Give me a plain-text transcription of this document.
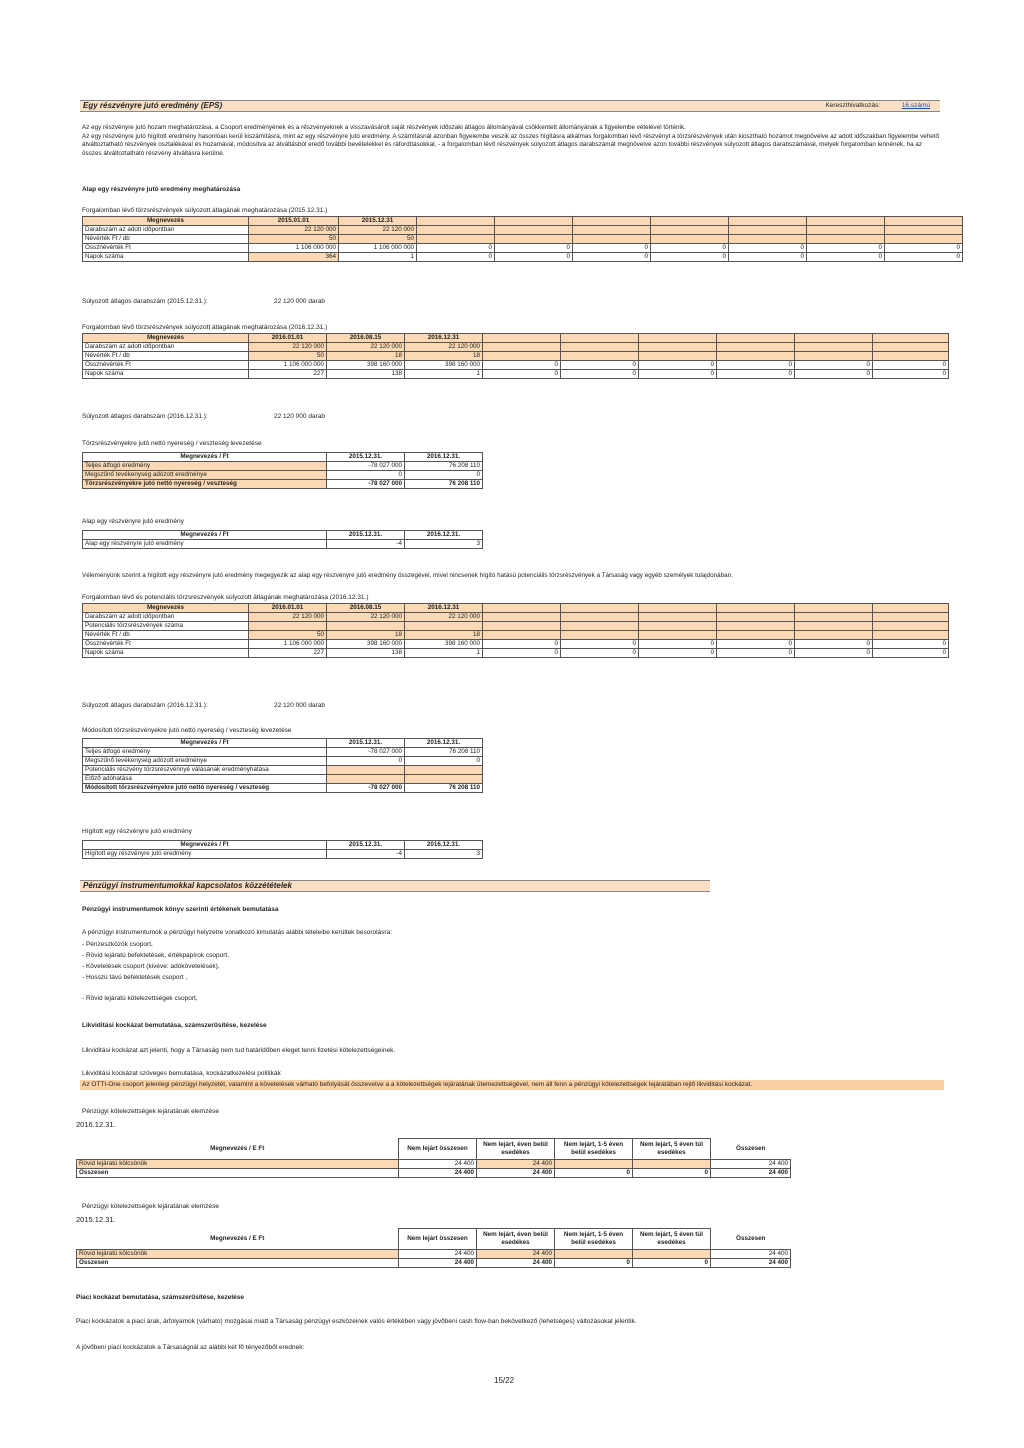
Egy részvényre jutó eredmény (EPS)	Kereszthivatkozás:	16.számú
Az egy részvényre jutó hozam meghatározása, a Csoport eredményének és a részvényeknek a visszavásárolt saját részvények időszaki átlagos állományával csökkentett állományának a figyelembe vételével történik.
Az egy részvényre jutó hígított eredmény hasonlóan kerül kiszámításra, mint az egy részvényre jutó eredmény. A számításnál azonban figyelembe veszik az összes hígításra alkalmas forgalomban lévő részvényt a törzsrészvények után kiosztható hozamot megnövelve az adott időszakban figyelembe vehető átváltoztatható részvények osztalékával és hozamával, módosítva az átváltásból eredő további bevételekkel és ráfordításokkal, - a forgalomban lévő részvények súlyozott átlagos darabszámát megnövelve azon további részvények súlyozott átlagos darabszámával, melyek forgalomban lennének, ha az összes átváltoztatható részvény átváltásra kerülne.
Alap egy részvényre jutó eredmény meghatározása
Forgalomban lévő törzsrészvények súlyozott átlagának meghatározása (2015.12.31.)
Megnevezés	2015.01.01	2015.12.31							
Darabszám az adott időpontban	22 120 000	22 120 000							
Névérték Ft / db	50	50							
Össznévérték Ft	1 106 000 000	1 106 000 000	0	0	0	0	0	0	0
Napok száma	364	1	0	0	0	0	0	0	0
Súlyozott átlagos darabszám (2015.12.31.):	22 120 000 darab
Forgalomban lévő törzsrészvények súlyozott átlagának meghatározása (2016.12.31.)
Megnevezés	2016.01.01	2016.08.15	2016.12.31						
Darabszám az adott időpontban	22 120 000	22 120 000	22 120 000						
Névérték Ft / db	50	18	18						
Össznévérték Ft	1 106 000 000	398 160 000	398 160 000	0	0	0	0	0	0
Napok száma	227	138	1	0	0	0	0	0	0
Súlyozott átlagos darabszám (2016.12.31.):	22 120 000 darab
Törzsrészvényekre jutó nettó nyereség / veszteség levezetése
Megnevezés / Ft	2015.12.31.	2016.12.31.
Teljes átfogó eredmény	-78 027 000	76 208 110
Megszűnő tevékenység adózott eredménye	0	0
Törzsrészvényekre jutó nettó nyereség / veszteség	-78 027 000	76 208 110
Alap egy részvényre jutó eredmény
Megnevezés / Ft	2015.12.31.	2016.12.31.
Alap egy részvényre jutó eredmény	-4	3
Véleményünk szerint a hígított egy részvényre jutó eredmény megegyezik az alap egy részvényre jutó eredmény összegével, mivel nincsenek hígító hatású potenciális törzsrészvények a Társaság vagy egyéb személyek tulajdonában.
Forgalomban lévő és potenciális törzsrészvények súlyozott átlagának meghatározása (2016.12.31.)
Megnevezés	2016.01.01	2016.08.15	2016.12.31						
Darabszám az adott időpontban	22 120 000	22 120 000	22 120 000						
Potenciális törzsrészvények száma									
Névérték Ft / db	50	18	18						
Össznévérték Ft	1 106 000 000	398 160 000	398 160 000	0	0	0	0	0	0
Napok száma	227	138	1	0	0	0	0	0	0
Súlyozott átlagos darabszám (2016.12.31.):	22 120 000 darab
Módosított törzsrészvényekre jutó nettó nyereség / veszteség levezetése
Megnevezés / Ft	2015.12.31.	2016.12.31.
Teljes átfogó eredmény	-78 027 000	76 208 110
Megszűnő tevékenység adózott eredménye	0	0
Potenciális részvény törzsrészvénnyé válásának eredményhatása		
Előző adóhatása		
Módosított törzsrészvényekre jutó nettó nyereség / veszteség	-78 027 000	76 208 110
Hígított egy részvényre jutó eredmény
Megnevezés / Ft	2015.12.31.	2016.12.31.
Hígított egy részvényre jutó eredmény	-4	3
Pénzügyi instrumentumokkal kapcsolatos közzétételek
Pénzügyi instrumentumok könyv szerinti értékének bemutatása
A pénzügyi instrumentumok a pénzügyi helyzetre vonatkozó kimutatás alábbi tételeibe kerültek besorolásra:
- Pénzeszközök csoport,
- Rövid lejáratú befektetések, értékpapírok csoport,
- Követelések csoport (kivéve: adókövetelések),
- Hosszú távú befektetések csoport ,
- Rövid lejáratú kötelezettségek csoport,
Likviditási kockázat bemutatása, számszerűsítése, kezelése
Likviditási kockázat azt jelenti, hogy a Társaság nem tud határidőben eleget tenni fizetési kötelezettségeinek.
Likviditási kockázat szöveges bemutatása, kockázatkezelési politikák
Az OTTI-One csoport jelenlegi pénzügyi helyzetét, valamint a követelések várható befolyását összevetve a a kötelezettségek lejáratának ütemezettségével, nem áll fenn a pénzügyi kötelezettségek lejáratában rejlő likviditási kockázat.
Pénzügyi kötelezettségek lejáratának elemzése
2016.12.31.
Megnevezés / E Ft	Nem lejárt összesen	Nem lejárt, éven belül esedékes	Nem lejárt, 1-5 éven belül esedékes	Nem lejárt, 5 éven túl esedékes	Összesen
Rövid lejáratú kölcsönök	24 400	24 400			24 400
Összesen	24 400	24 400	0	0	24 400
Pénzügyi kötelezettségek lejáratának elemzése
2015.12.31.
Megnevezés / E Ft	Nem lejárt összesen	Nem lejárt, éven belül esedékes	Nem lejárt, 1-5 éven belül esedékes	Nem lejárt, 5 éven túl esedékes	Összesen
Rövid lejáratú kölcsönök	24 400	24 400			24 400
Összesen	24 400	24 400	0	0	24 400
Piaci kockázat bemutatása, számszerűsítése, kezelése
Piaci kockázatok a piaci árak, árfolyamok (várható) mozgásai miatt a Társaság pénzügyi eszközeinek valós értékében vagy jövőbeni cash flow-ban bekövetkező (lehetséges) változásokat jelentik.
A jövőbeni piaci kockázatok a Társaságnál az alábbi két fő tényezőből erednek:
15/22
